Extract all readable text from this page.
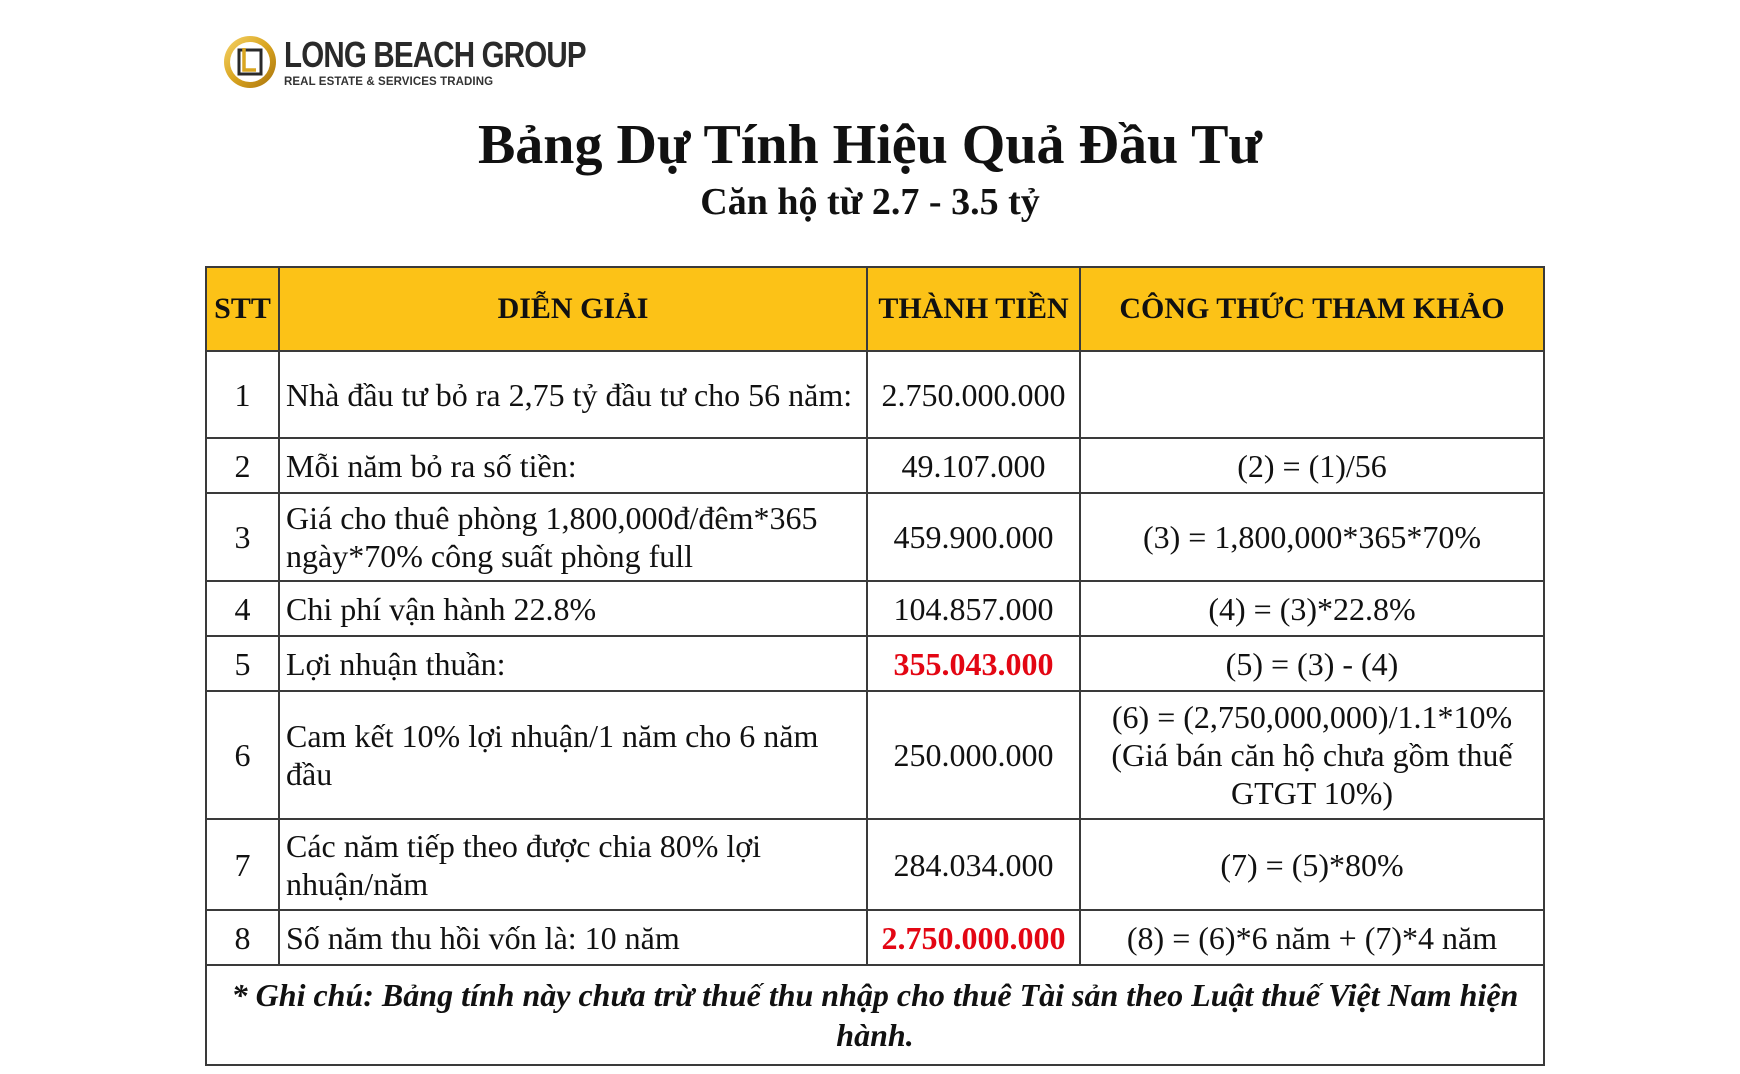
LONG BEACH GROUP
REAL ESTATE & SERVICES TRADING
Bảng Dự Tính Hiệu Quả Đầu Tư
Căn hộ từ 2.7 - 3.5 tỷ
STT	DIỄN GIẢI	THÀNH TIỀN	CÔNG THỨC THAM KHẢO
1	Nhà đầu tư bỏ ra 2,75 tỷ đầu tư cho 56 năm:	2.750.000.000	
2	Mỗi năm bỏ ra số tiền:	49.107.000	(2) = (1)/56
3	Giá cho thuê phòng 1,800,000đ/đêm*365 ngày*70% công suất phòng full	459.900.000	(3) = 1,800,000*365*70%
4	Chi phí vận hành 22.8%	104.857.000	(4) = (3)*22.8%
5	Lợi nhuận thuần:	355.043.000	(5) = (3) - (4)
6	Cam kết 10% lợi nhuận/1 năm cho 6 năm đầu	250.000.000	(6) = (2,750,000,000)/1.1*10% (Giá bán căn hộ chưa gồm thuế GTGT 10%)
7	Các năm tiếp theo được chia 80% lợi nhuận/năm	284.034.000	(7) = (5)*80%
8	Số năm thu hồi vốn là: 10 năm	2.750.000.000	(8) = (6)*6 năm + (7)*4 năm
* Ghi chú: Bảng tính này chưa trừ thuế thu nhập cho thuê Tài sản theo Luật thuế Việt Nam hiện hành.			
